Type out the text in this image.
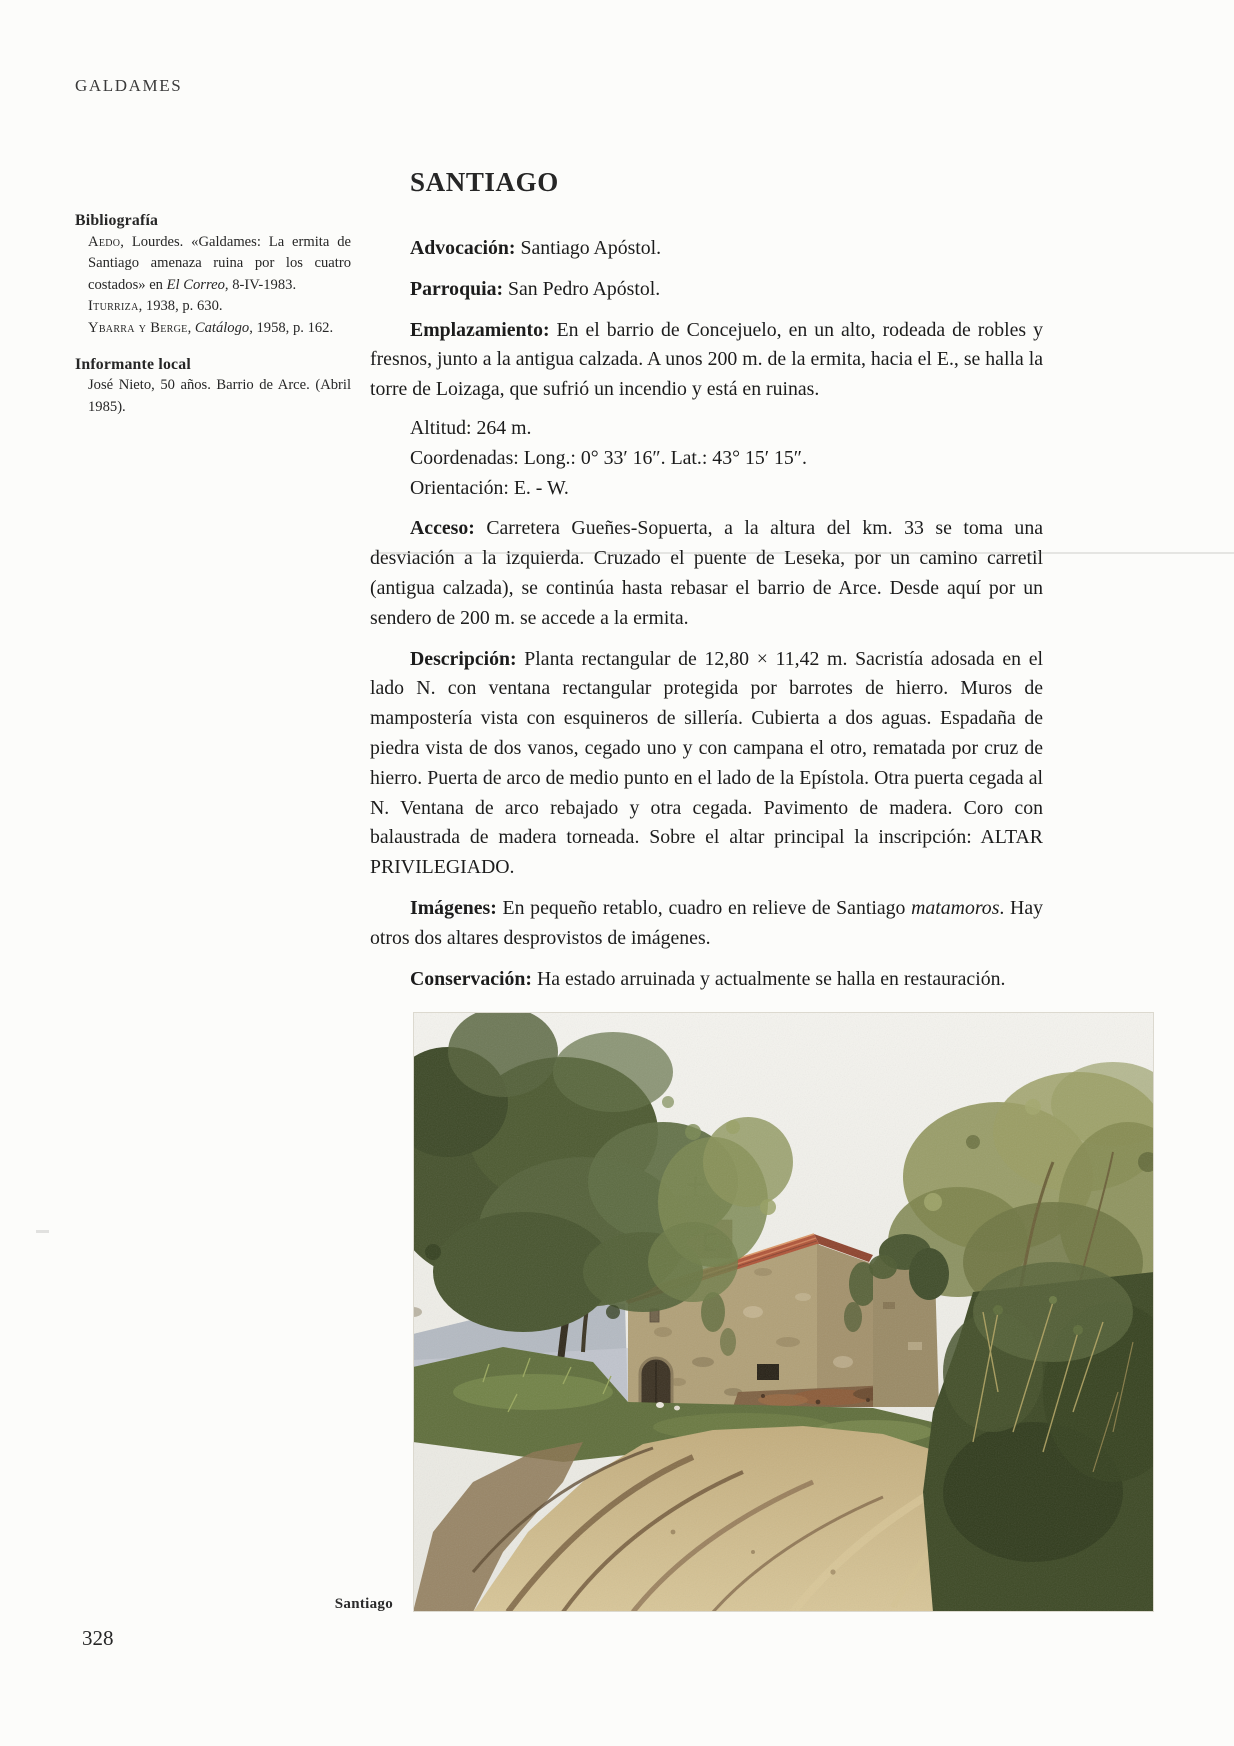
GALDAMES
Bibliografía

Aedo, Lourdes. «Galdames: La ermita de Santiago amenaza ruina por los cuatro costados» en El Correo, 8-IV-1983.

Iturriza, 1938, p. 630.

Ybarra y Berge, Catálogo, 1958, p. 162.

Informante local

José Nieto, 50 años. Barrio de Arce. (Abril 1985).

SANTIAGO

Advocación: Santiago Apóstol.

Parroquia: San Pedro Apóstol.

Emplazamiento: En el barrio de Concejuelo, en un alto, rodeada de robles y fresnos, junto a la antigua calzada. A unos 200 m. de la ermita, hacia el E., se halla la torre de Loizaga, que sufrió un incendio y está en ruinas.

Altitud: 264 m.
Coordenadas: Long.: 0° 33′ 16″. Lat.: 43° 15′ 15″.
Orientación: E. - W.

Acceso: Carretera Gueñes-Sopuerta, a la altura del km. 33 se toma una desviación a la izquierda. Cruzado el puente de Leseka, por un camino carretil (antigua calzada), se continúa hasta rebasar el barrio de Arce. Desde aquí por un sendero de 200 m. se accede a la ermita.

Descripción: Planta rectangular de 12,80 × 11,42 m. Sacristía adosada en el lado N. con ventana rectangular protegida por barrotes de hierro. Muros de mampostería vista con esquineros de sillería. Cubierta a dos aguas. Espadaña de piedra vista de dos vanos, cegado uno y con campana el otro, rematada por cruz de hierro. Puerta de arco de medio punto en el lado de la Epístola. Otra puerta cegada al N. Ventana de arco rebajado y otra cegada. Pavimento de madera. Coro con balaustrada de madera torneada. Sobre el altar principal la inscripción: ALTAR PRIVILEGIADO.

Imágenes: En pequeño retablo, cuadro en relieve de Santiago matamoros. Hay otros dos altares desprovistos de imágenes.

Conservación: Ha estado arruinada y actualmente se halla en restauración.

Santiago
328
